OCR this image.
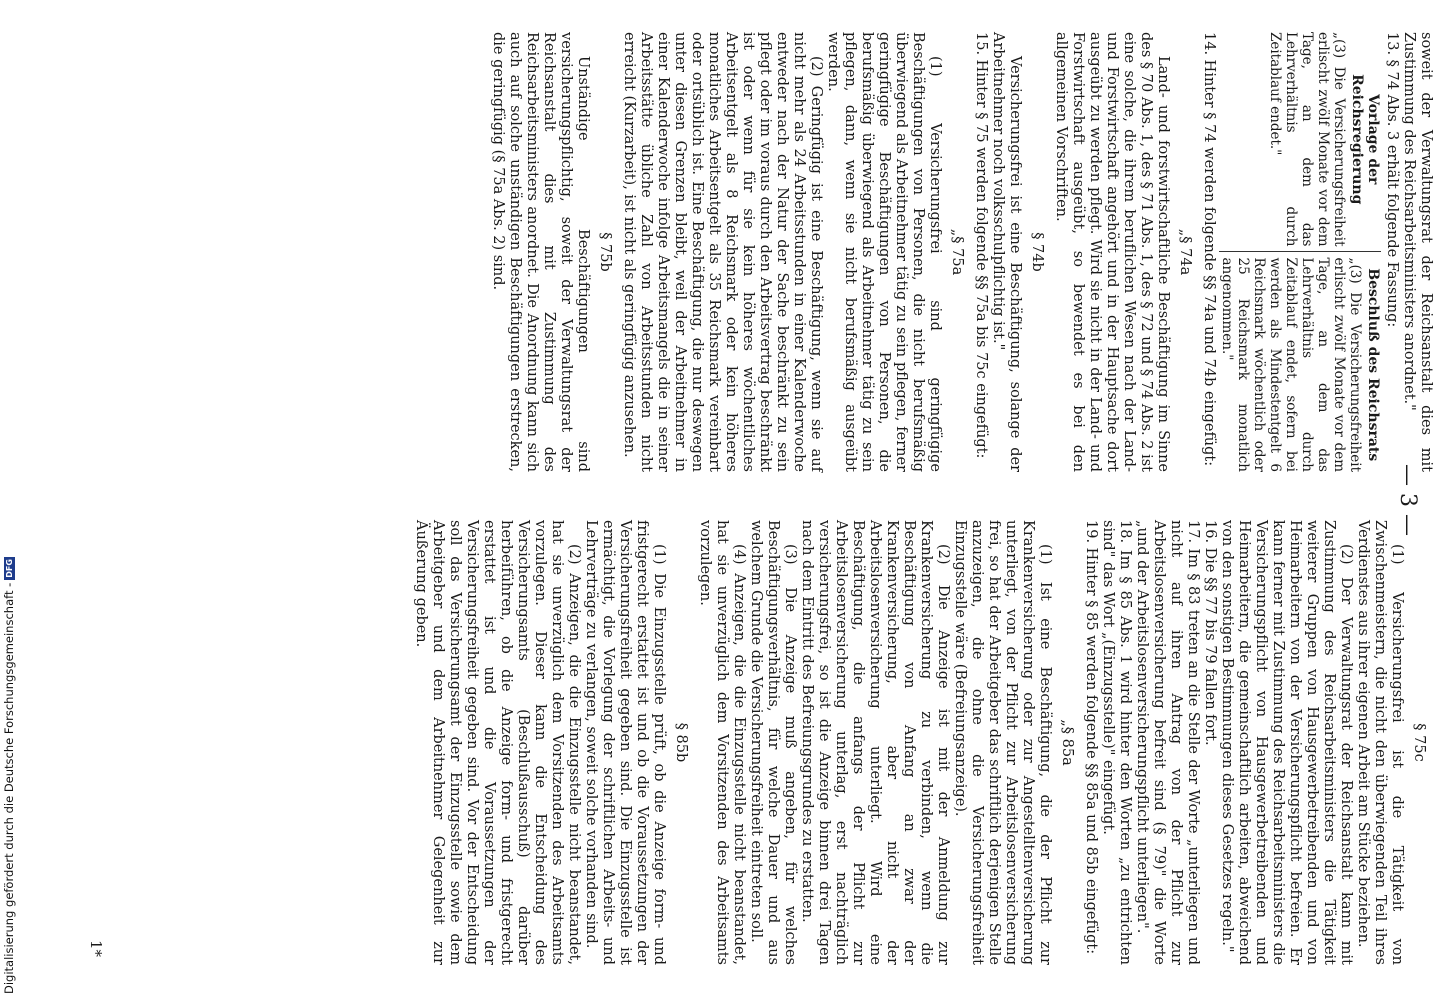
— 3 —

soweit der Verwaltungsrat der Reichsanstalt dies mit Zustimmung des Reichsarbeitsministers anordnet."

13. § 74 Abs. 3 erhält folgende Fassung:

Vorlage der Reichsregierung

„(3) Die Versicherungsfreiheit erlischt zwölf Monate vor dem Tage, an dem das Lehrverhältnis durch Zeitablauf endet."

Beschluß des Reichsrats

„(3) Die Versicherungsfreiheit erlischt zwölf Monate vor dem Tage, an dem das Lehrverhältnis durch Zeitablauf endet, sofern bei werden als Mindestentgelt 6 Reichsmark wöchentlich oder 25 Reichsmark monatlich angenommen."

14. Hinter § 74 werden folgende §§ 74a und 74b eingefügt:

„§ 74a

Land- und forstwirtschaftliche Beschäftigung im Sinne des § 70 Abs. 1, des § 71 Abs. 1, des § 72 und § 74 Abs. 2 ist eine solche, die ihrem beruflichen Wesen nach der Land- und Forstwirtschaft angehört und in der Hauptsache dort ausgeübt zu werden pflegt. Wird sie nicht in der Land- und Forstwirtschaft ausgeübt, so bewendet es bei den allgemeinen Vorschriften.

§ 74b

Versicherungsfrei ist eine Beschäftigung, solange der Arbeitnehmer noch volksschulpflichtig ist."

15. Hinter § 75 werden folgende §§ 75a bis 75c eingefügt:

„§ 75a

(1) Versicherungsfrei sind geringfügige Beschäftigungen von Personen, die nicht berufsmäßig überwiegend als Arbeitnehmer tätig zu sein pflegen, ferner geringfügige Beschäftigungen von Personen, die berufsmäßig überwiegend als Arbeitnehmer tätig zu sein pflegen, dann, wenn sie nicht berufsmäßig ausgeübt werden.

(2) Geringfügig ist eine Beschäftigung, wenn sie auf nicht mehr als 24 Arbeitsstunden in einer Kalenderwoche entweder nach der Natur der Sache beschränkt zu sein pflegt oder im voraus durch den Arbeitsvertrag beschränkt ist oder wenn für sie kein höheres wöchentliches Arbeitsentgelt als 8 Reichsmark oder kein höheres monatliches Arbeitsentgelt als 35 Reichsmark vereinbart oder ortsüblich ist. Eine Beschäftigung, die nur deswegen unter diesen Grenzen bleibt, weil der Arbeitnehmer in einer Kalenderwoche infolge Arbeitsmangels die in seiner Arbeitsstätte übliche Zahl von Arbeitsstunden nicht erreicht (Kurzarbeit), ist nicht als geringfügig anzusehen.

§ 75b

Unständige Beschäftigungen sind versicherungspflichtig, soweit der Verwaltungsrat der Reichsanstalt dies mit Zustimmung des Reichsarbeitsministers anordnet. Die Anordnung kann sich auch auf solche unständigen Beschäftigungen erstrecken, die geringfügig (§ 75a Abs. 2) sind.

§ 75c

(1) Versicherungsfrei ist die Tätigkeit von Zwischenmeistern, die nicht den überwiegenden Teil ihres Verdienstes aus ihrer eigenen Arbeit am Stücke beziehen.

(2) Der Verwaltungsrat der Reichsanstalt kann mit Zustimmung des Reichsarbeitsministers die Tätigkeit weiterer Gruppen von Hausgewerbetreibenden und von Heimarbeitern von der Versicherungspflicht befreien. Er kann ferner mit Zustimmung des Reichsarbeitsministers die Versicherungspflicht von Hausgewerbetreibenden und Heimarbeitern, die gemeinschaftlich arbeiten, abweichend von den sonstigen Bestimmungen dieses Gesetzes regeln."

16. Die §§ 77 bis 79 fallen fort.

17. Im § 83 treten an die Stelle der Worte „unterliegen und nicht auf ihren Antrag von der Pflicht zur Arbeitslosenversicherung befreit sind (§ 79)" die Worte „und der Arbeitslosenversicherungspflicht unterliegen".

18. Im § 85 Abs. 1 wird hinter den Worten „zu entrichten sind" das Wort „(Einzugsstelle)" eingefügt.

19. Hinter § 85 werden folgende §§ 85a und 85b eingefügt:

„§ 85a

(1) Ist eine Beschäftigung, die der Pflicht zur Krankenversicherung oder zur Angestelltenversicherung unterliegt, von der Pflicht zur Arbeitslosenversicherung frei, so hat der Arbeitgeber das schriftlich derjenigen Stelle anzuzeigen, die ohne die Versicherungsfreiheit Einzugsstelle wäre (Befreiungsanzeige).

(2) Die Anzeige ist mit der Anmeldung zur Krankenversicherung zu verbinden, wenn die Beschäftigung von Anfang an zwar der Krankenversicherung, aber nicht der Arbeitslosenversicherung unterliegt. Wird eine Beschäftigung, die anfangs der Pflicht zur Arbeitslosenversicherung unterlag, erst nachträglich versicherungsfrei, so ist die Anzeige binnen drei Tagen nach dem Eintritt des Befreiungsgrundes zu erstatten.

(3) Die Anzeige muß angeben, für welches Beschäftigungsverhältnis, für welche Dauer und aus welchem Grunde die Versicherungsfreiheit eintreten soll.

(4) Anzeigen, die die Einzugsstelle nicht beanstandet, hat sie unverzüglich dem Vorsitzenden des Arbeitsamts vorzulegen.

§ 85b

(1) Die Einzugsstelle prüft, ob die Anzeige form- und fristgerecht erstattet ist und ob die Voraussetzungen der Versicherungsfreiheit gegeben sind. Die Einzugsstelle ist ermächtigt, die Vorlegung der schriftlichen Arbeits- und Lehrverträge zu verlangen, soweit solche vorhanden sind.

(2) Anzeigen, die die Einzugsstelle nicht beanstandet, hat sie unverzüglich dem Vorsitzenden des Arbeitsamts vorzulegen. Dieser kann die Entscheidung des Versicherungsamts (Beschlußausschuß) darüber herbeiführen, ob die Anzeige form- und fristgerecht erstattet ist und die Voraussetzungen der Versicherungsfreiheit gegeben sind. Vor der Entscheidung soll das Versicherungsamt der Einzugsstelle sowie dem Arbeitgeber und dem Arbeitnehmer Gelegenheit zur Äußerung geben.

1*
Digitalisierung gefördert durch die Deutsche Forschungsgemeinschaft -
DFG
